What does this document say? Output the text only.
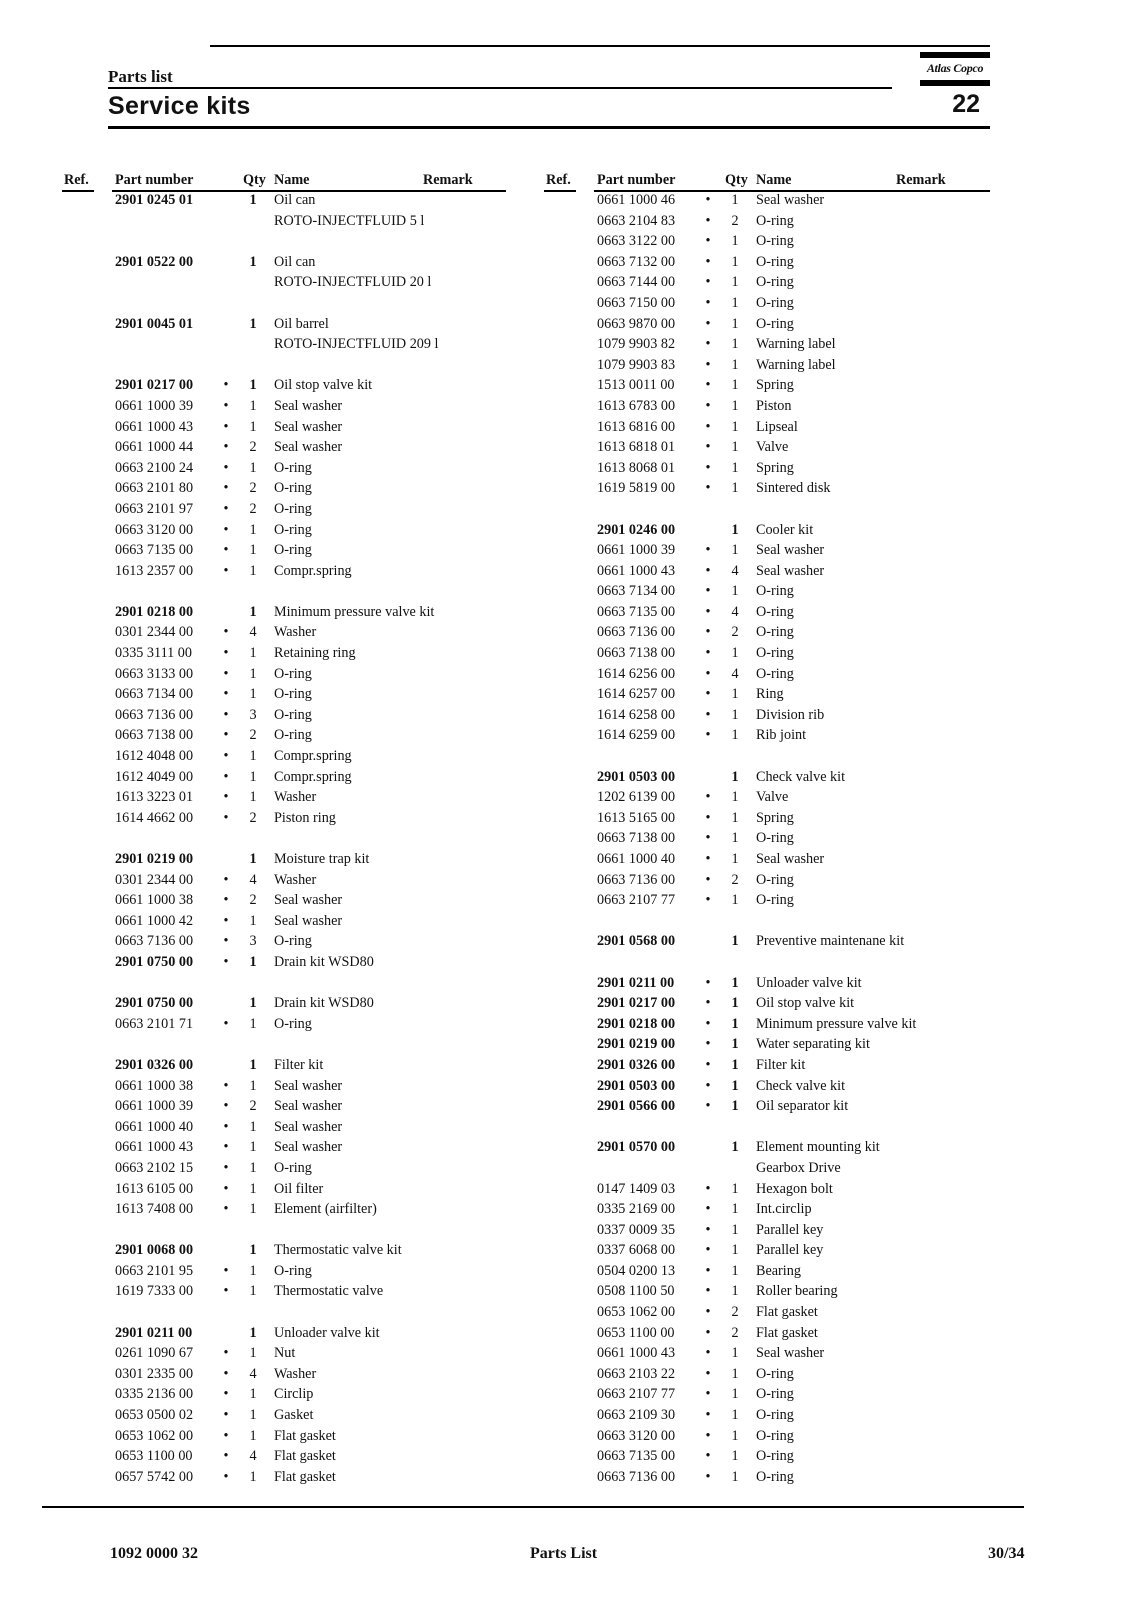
Parts list
Service kits
Atlas Copco
22
Ref. Part number	Qty Name	Remark
2901 0245 01	1	Oil can
ROTO-INJECTFLUID 5 l
2901 0522 00	1	Oil can
ROTO-INJECTFLUID 20 l
2901 0045 01	1	Oil barrel
ROTO-INJECTFLUID 209 l
2901 0217 00 •	1	Oil stop valve kit
0661 1000 39 •	1	Seal washer
0661 1000 43 •	1	Seal washer
0661 1000 44 •	2	Seal washer
0663 2100 24 •	1	O-ring
0663 2101 80 •	2	O-ring
0663 2101 97 •	2	O-ring
0663 3120 00 •	1	O-ring
0663 7135 00 •	1	O-ring
1613 2357 00 •	1	Compr.spring
2901 0218 00	1	Minimum pressure valve kit
0301 2344 00 •	4	Washer
0335 3111 00 •	1	Retaining ring
0663 3133 00 •	1	O-ring
0663 7134 00 •	1	O-ring
0663 7136 00 •	3	O-ring
0663 7138 00 •	2	O-ring
1612 4048 00 •	1	Compr.spring
1612 4049 00 •	1	Compr.spring
1613 3223 01 •	1	Washer
1614 4662 00 •	2	Piston ring
2901 0219 00	1	Moisture trap kit
0301 2344 00 •	4	Washer
0661 1000 38 •	2	Seal washer
0661 1000 42 •	1	Seal washer
0663 7136 00 •	3	O-ring
2901 0750 00 •	1	Drain kit WSD80
2901 0750 00	1	Drain kit WSD80
0663 2101 71 •	1	O-ring
2901 0326 00	1	Filter kit
0661 1000 38 •	1	Seal washer
0661 1000 39 •	2	Seal washer
0661 1000 40 •	1	Seal washer
0661 1000 43 •	1	Seal washer
0663 2102 15 •	1	O-ring
1613 6105 00 •	1	Oil filter
1613 7408 00 •	1	Element (airfilter)
2901 0068 00	1	Thermostatic valve kit
0663 2101 95 •	1	O-ring
1619 7333 00 •	1	Thermostatic valve
2901 0211 00	1	Unloader valve kit
0261 1090 67 •	1	Nut
0301 2335 00 •	4	Washer
0335 2136 00 •	1	Circlip
0653 0500 02 •	1	Gasket
0653 1062 00 •	1	Flat gasket
0653 1100 00 •	4	Flat gasket
0657 5742 00 •	1	Flat gasket
Ref. Part number	Qty Name	Remark
0661 1000 46 •	1	Seal washer
0663 2104 83 •	2	O-ring
0663 3122 00 •	1	O-ring
0663 7132 00 •	1	O-ring
0663 7144 00 •	1	O-ring
0663 7150 00 •	1	O-ring
0663 9870 00 •	1	O-ring
1079 9903 82 •	1	Warning label
1079 9903 83 •	1	Warning label
1513 0011 00 •	1	Spring
1613 6783 00 •	1	Piston
1613 6816 00 •	1	Lipseal
1613 6818 01 •	1	Valve
1613 8068 01 •	1	Spring
1619 5819 00 •	1	Sintered disk
2901 0246 00	1	Cooler kit
0661 1000 39 •	1	Seal washer
0661 1000 43 •	4	Seal washer
0663 7134 00 •	1	O-ring
0663 7135 00 •	4	O-ring
0663 7136 00 •	2	O-ring
0663 7138 00 •	1	O-ring
1614 6256 00 •	4	O-ring
1614 6257 00 •	1	Ring
1614 6258 00 •	1	Division rib
1614 6259 00 •	1	Rib joint
2901 0503 00	1	Check valve kit
1202 6139 00 •	1	Valve
1613 5165 00 •	1	Spring
0663 7138 00 •	1	O-ring
0661 1000 40 •	1	Seal washer
0663 7136 00 •	2	O-ring
0663 2107 77 •	1	O-ring
2901 0568 00	1	Preventive maintenane kit
2901 0211 00 •	1	Unloader valve kit
2901 0217 00 •	1	Oil stop valve kit
2901 0218 00 •	1	Minimum pressure valve kit
2901 0219 00 •	1	Water separating kit
2901 0326 00 •	1	Filter kit
2901 0503 00 •	1	Check valve kit
2901 0566 00 •	1	Oil separator kit
2901 0570 00	1	Element mounting kit
Gearbox Drive
0147 1409 03 •	1	Hexagon bolt
0335 2169 00 •	1	Int.circlip
0337 0009 35 •	1	Parallel key
0337 6068 00 •	1	Parallel key
0504 0200 13 •	1	Bearing
0508 1100 50 •	1	Roller bearing
0653 1062 00 •	2	Flat gasket
0653 1100 00 •	2	Flat gasket
0661 1000 43 •	1	Seal washer
0663 2103 22 •	1	O-ring
0663 2107 77 •	1	O-ring
0663 2109 30 •	1	O-ring
0663 3120 00 •	1	O-ring
0663 7135 00 •	1	O-ring
0663 7136 00 •	1	O-ring
1092 0000 32	Parts List	30/34
